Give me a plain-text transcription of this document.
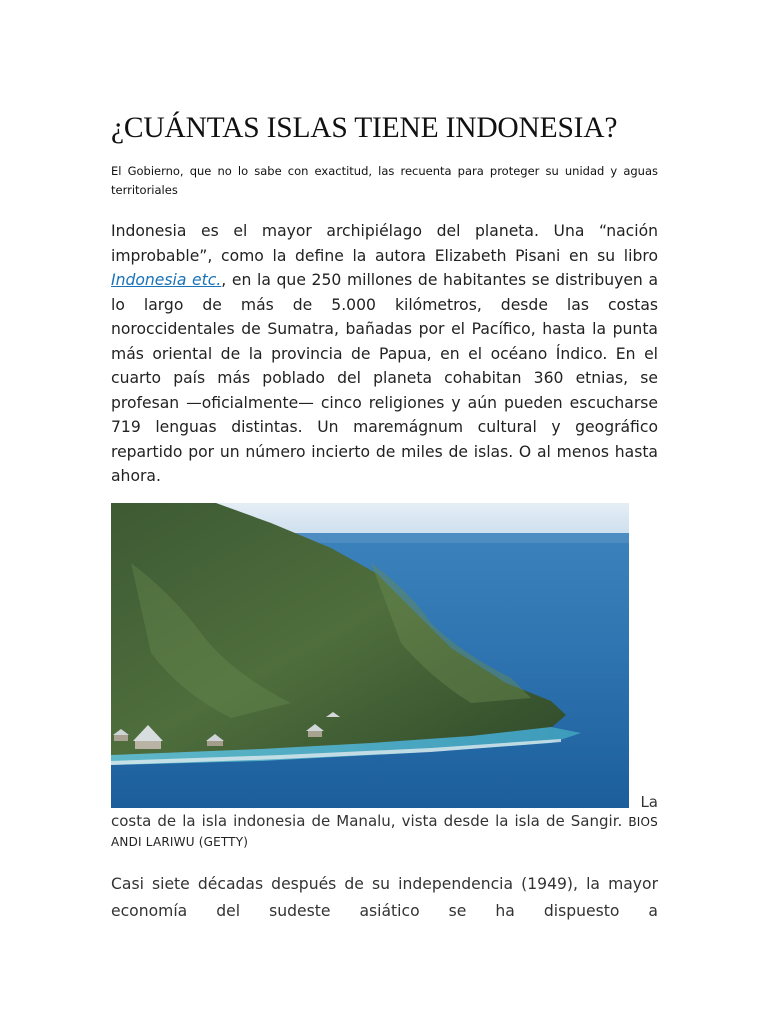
¿CUÁNTAS ISLAS TIENE INDONESIA?
El Gobierno, que no lo sabe con exactitud, las recuenta para proteger su unidad y aguas territoriales

Indonesia es el mayor archipiélago del planeta. Una “nación improbable”, como la define la autora Elizabeth Pisani en su libro Indonesia etc., en la que 250 millones de habitantes se distribuyen a lo largo de más de 5.000 kilómetros, desde las costas noroccidentales de Sumatra, bañadas por el Pacífico, hasta la punta más oriental de la provincia de Papua, en el océano Índico. En el cuarto país más poblado del planeta cohabitan 360 etnias, se profesan —oficialmente— cinco religiones y aún pueden escucharse 719 lenguas distintas. Un maremágnum cultural y geográfico repartido por un número incierto de miles de islas. O al menos hasta ahora.

La
costa de la isla indonesia de Manalu, vista desde la isla de Sangir. BIOS ANDI LARIWU (GETTY)

Casi siete décadas después de su independencia (1949), la mayor economía del sudeste asiático se ha dispuesto a
